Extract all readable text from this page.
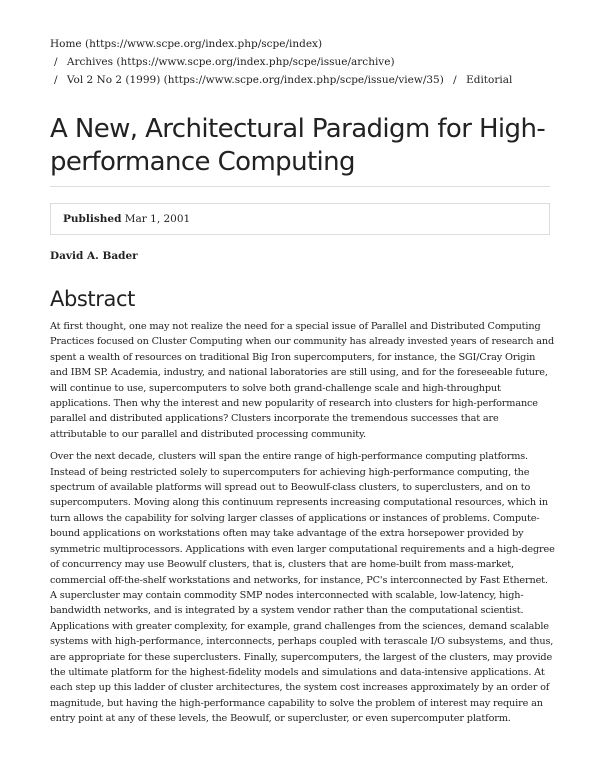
Home (https://www.scpe.org/index.php/scpe/index)
/ Archives (https://www.scpe.org/index.php/scpe/issue/archive)
/ Vol 2 No 2 (1999) (https://www.scpe.org/index.php/scpe/issue/view/35) / Editorial
A New, Architectural Paradigm for High-performance Computing
Published Mar 1, 2001
David A. Bader
Abstract

At first thought, one may not realize the need for a special issue of Parallel and Distributed Computing Practices focused on Cluster Computing when our community has already invested years of research and spent a wealth of resources on traditional Big Iron supercomputers, for instance, the SGI/Cray Origin and IBM SP. Academia, industry, and national laboratories are still using, and for the foreseeable future, will continue to use, supercomputers to solve both grand-challenge scale and high-throughput applications. Then why the interest and new popularity of research into clusters for high-performance parallel and distributed applications? Clusters incorporate the tremendous successes that are attributable to our parallel and distributed processing community.

Over the next decade, clusters will span the entire range of high-performance computing platforms. Instead of being restricted solely to supercomputers for achieving high-performance computing, the spectrum of available platforms will spread out to Beowulf-class clusters, to superclusters, and on to supercomputers. Moving along this continuum represents increasing computational resources, which in turn allows the capability for solving larger classes of applications or instances of problems. Compute-bound applications on workstations often may take advantage of the extra horsepower provided by symmetric multiprocessors. Applications with even larger computational requirements and a high-degree of concurrency may use Beowulf clusters, that is, clusters that are home-built from mass-market, commercial off-the-shelf workstations and networks, for instance, PC's interconnected by Fast Ethernet. A supercluster may contain commodity SMP nodes interconnected with scalable, low-latency, high-bandwidth networks, and is integrated by a system vendor rather than the computational scientist. Applications with greater complexity, for example, grand challenges from the sciences, demand scalable systems with high-performance, interconnects, perhaps coupled with terascale I/O subsystems, and thus, are appropriate for these superclusters. Finally, supercomputers, the largest of the clusters, may provide the ultimate platform for the highest-fidelity models and simulations and data-intensive applications. At each step up this ladder of cluster architectures, the system cost increases approximately by an order of magnitude, but having the high-performance capability to solve the problem of interest may require an entry point at any of these levels, the Beowulf, or supercluster, or even supercomputer platform.
